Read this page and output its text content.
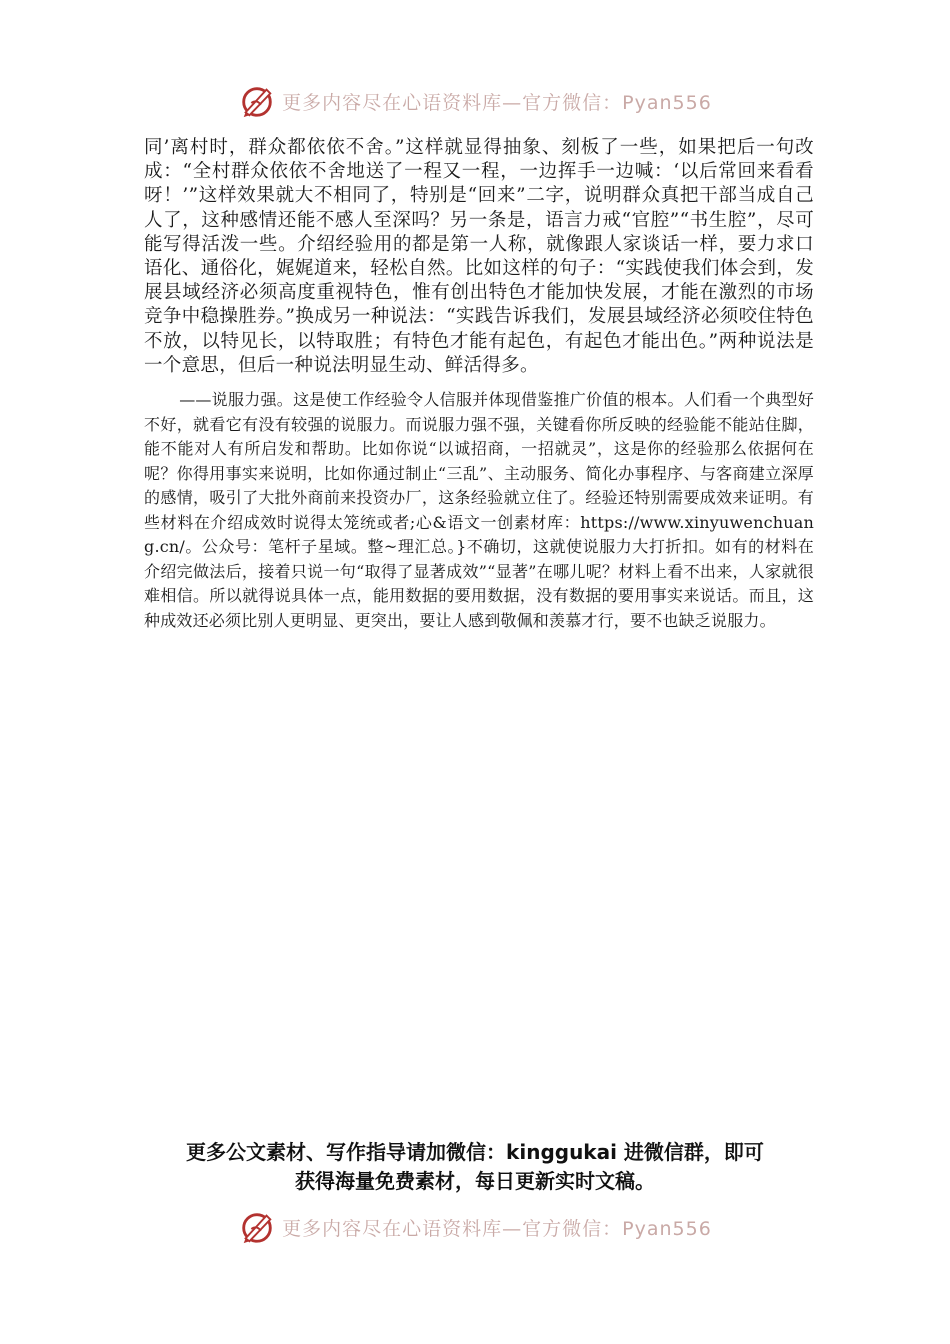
更多内容尽在心语资料库—官方微信：Pyan556

同’离村时，群众都依依不舍。”这样就显得抽象、刻板了一些，如果把后一句改成：“全村群众依依不舍地送了一程又一程，一边挥手一边喊：‘以后常回来看看呀！’”这样效果就大不相同了，特别是“回来”二字，说明群众真把干部当成自己人了，这种感情还能不感人至深吗？另一条是，语言力戒“官腔”“书生腔”，尽可能写得活泼一些。介绍经验用的都是第一人称，就像跟人家谈话一样，要力求口语化、通俗化，娓娓道来，轻松自然。比如这样的句子：“实践使我们体会到，发展县域经济必须高度重视特色，惟有创出特色才能加快发展，才能在激烈的市场竞争中稳操胜券。”换成另一种说法：“实践告诉我们，发展县域经济必须咬住特色不放，以特见长，以特取胜；有特色才能有起色，有起色才能出色。”两种说法是一个意思，但后一种说法明显生动、鲜活得多。

——说服力强。这是使工作经验令人信服并体现借鉴推广价值的根本。人们看一个典型好不好，就看它有没有较强的说服力。而说服力强不强，关键看你所反映的经验能不能站住脚，能不能对人有所启发和帮助。比如你说“以诚招商，一招就灵”，这是你的经验那么依据何在呢？你得用事实来说明，比如你通过制止“三乱”、主动服务、简化办事程序、与客商建立深厚的感情，吸引了大批外商前来投资办厂，这条经验就立住了。经验还特别需要成效来证明。有些材料在介绍成效时说得太笼统或者;心&语文一创素材库：https://www.xinyuwenchuang.cn/。公众号：笔杆子星域。整~理汇总。}不确切，这就使说服力大打折扣。如有的材料在介绍完做法后，接着只说一句“取得了显著成效”“显著”在哪儿呢？材料上看不出来，人家就很难相信。所以就得说具体一点，能用数据的要用数据，没有数据的要用事实来说话。而且，这种成效还必须比别人更明显、更突出，要让人感到敬佩和羡慕才行，要不也缺乏说服力。

更多公文素材、写作指导请加微信：kinggukai 进微信群，即可
获得海量免费素材，每日更新实时文稿。
更多内容尽在心语资料库—官方微信：Pyan556
